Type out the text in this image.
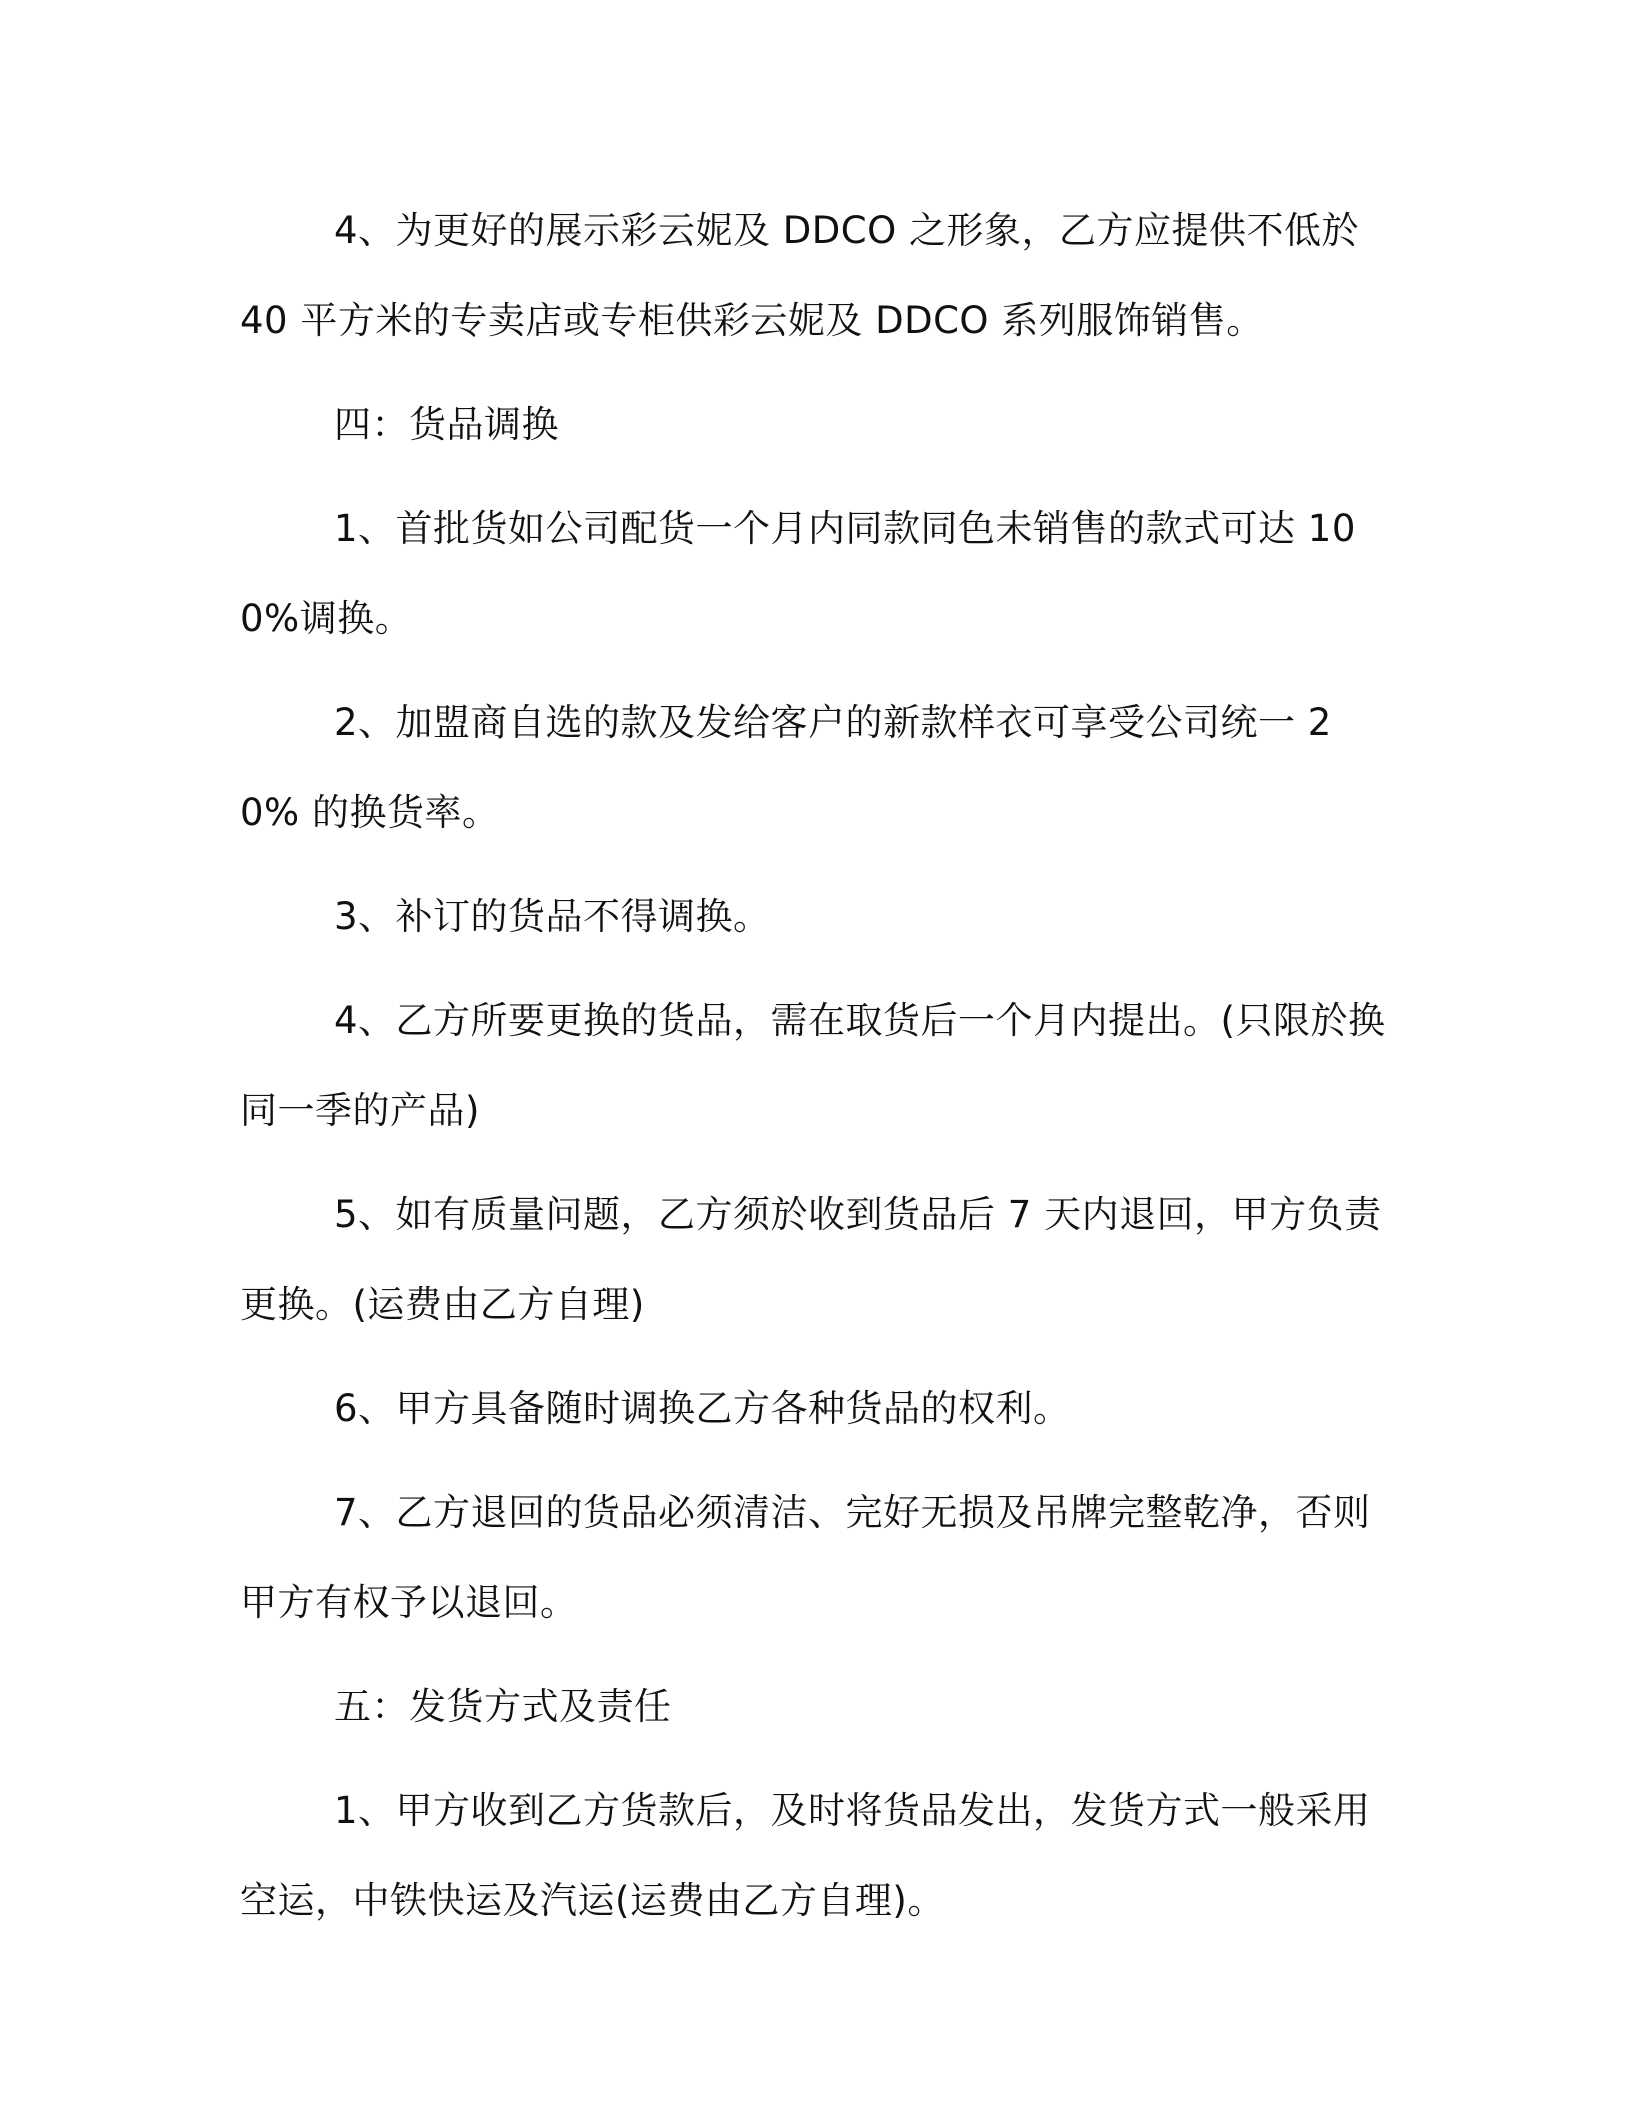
4、为更好的展示彩云妮及 DDCO 之形象，乙方应提供不低於 40 平方米的专卖店或专柜供彩云妮及 DDCO 系列服饰销售。

四：货品调换

1、首批货如公司配货一个月内同款同色未销售的款式可达 100%调换。

2、加盟商自选的款及发给客户的新款样衣可享受公司统一 20% 的换货率。

3、补订的货品不得调换。

4、乙方所要更换的货品，需在取货后一个月内提出。(只限於换同一季的产品)

5、如有质量问题，乙方须於收到货品后 7 天内退回，甲方负责更换。(运费由乙方自理)

6、甲方具备随时调换乙方各种货品的权利。

7、乙方退回的货品必须清洁、完好无损及吊牌完整乾净，否则甲方有权予以退回。

五：发货方式及责任

1、甲方收到乙方货款后，及时将货品发出，发货方式一般采用空运，中铁快运及汽运(运费由乙方自理)。
